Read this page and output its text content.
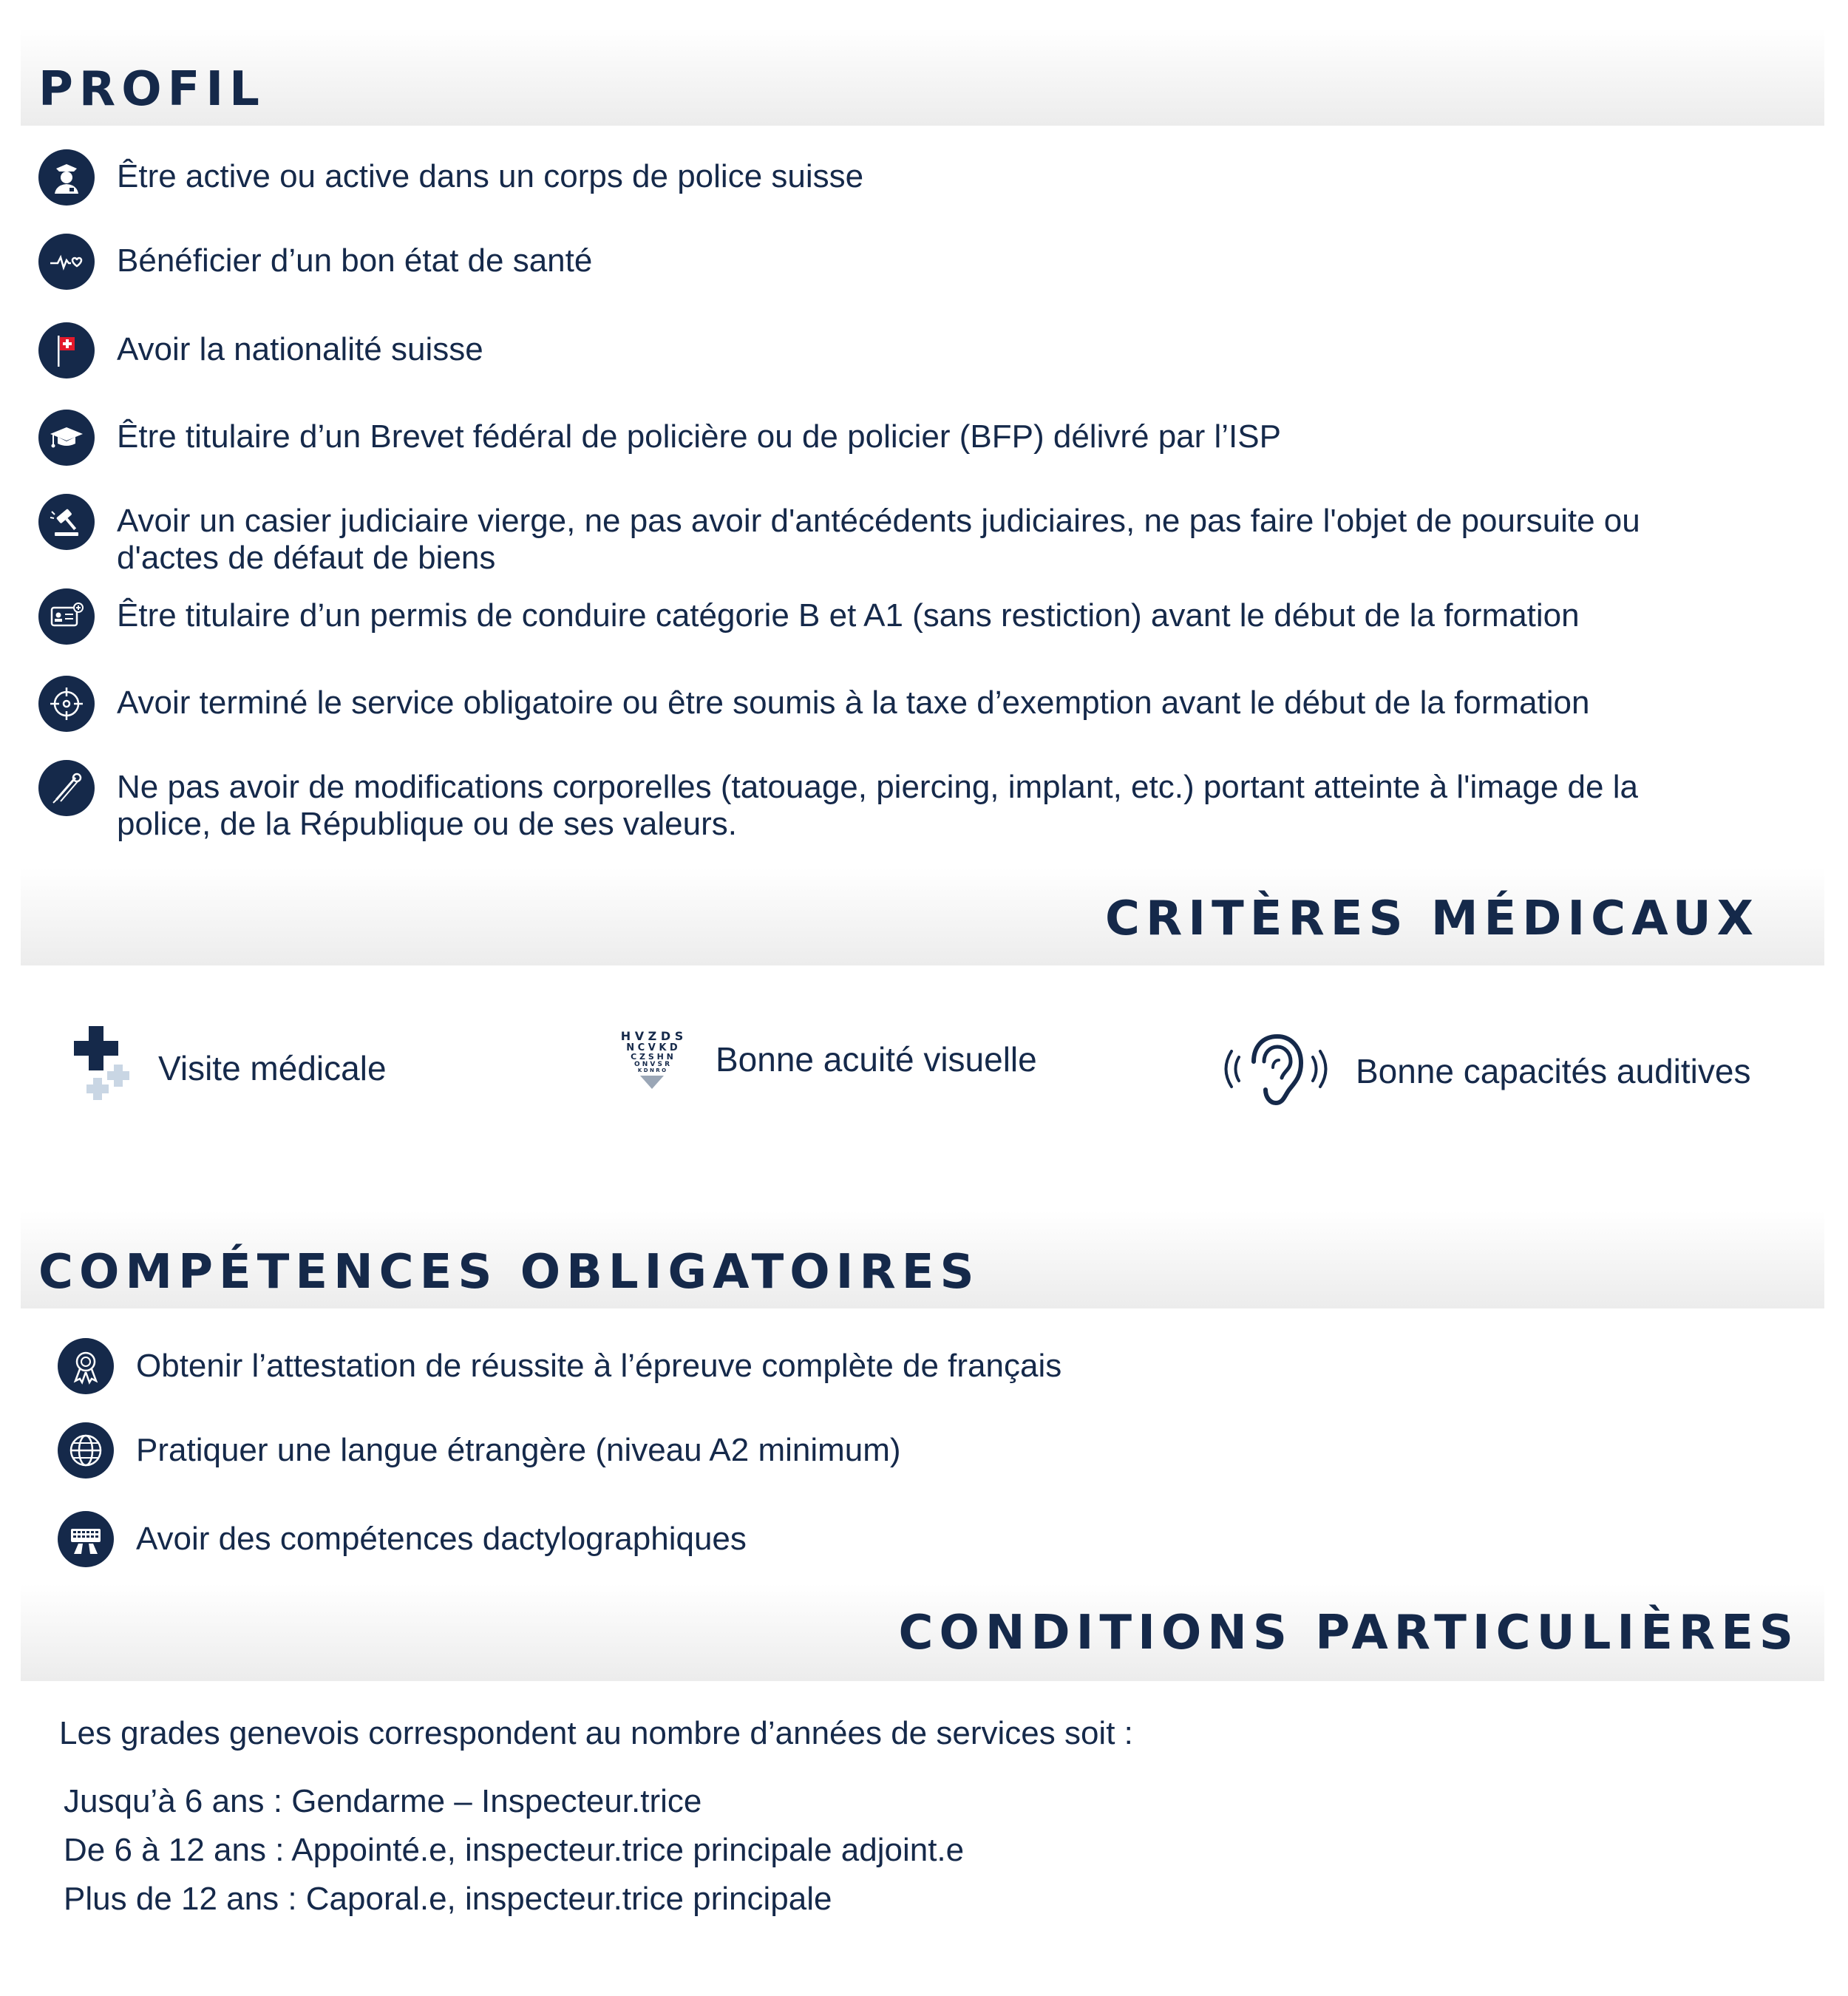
PROFIL
Être active ou active dans un corps de police suisse
Bénéficier d’un bon état de santé
Avoir la nationalité suisse
Être titulaire d’un Brevet fédéral de policière ou de policier (BFP) délivré par l’ISP
Avoir un casier judiciaire vierge, ne pas avoir d'antécédents judiciaires, ne pas faire l'objet de poursuite ou d'actes de défaut de biens
Être titulaire d’un permis de conduire catégorie B et A1 (sans restiction) avant le début de la formation
Avoir terminé le service obligatoire ou être soumis à la taxe d’exemption avant le début de la formation
Ne pas avoir de modifications corporelles (tatouage, piercing, implant, etc.) portant atteinte à l'image de la police, de la République ou de ses valeurs.
CRITÈRES MÉDICAUX
Visite médicale
H V Z D S
N C V K D
C Z S H N
O N V S R
K D N R O Bonne acuité visuelle	Bonne capacités auditives
COMPÉTENCES OBLIGATOIRES
Obtenir l’attestation de réussite à l’épreuve complète de français
Pratiquer une langue étrangère (niveau A2 minimum)
Avoir des compétences dactylographiques
CONDITIONS PARTICULIÈRES
Les grades genevois correspondent au nombre d’années de services soit :
Jusqu’à 6 ans : Gendarme – Inspecteur.trice
De 6 à 12 ans : Appointé.e, inspecteur.trice principale adjoint.e
Plus de 12 ans : Caporal.e, inspecteur.trice principale
